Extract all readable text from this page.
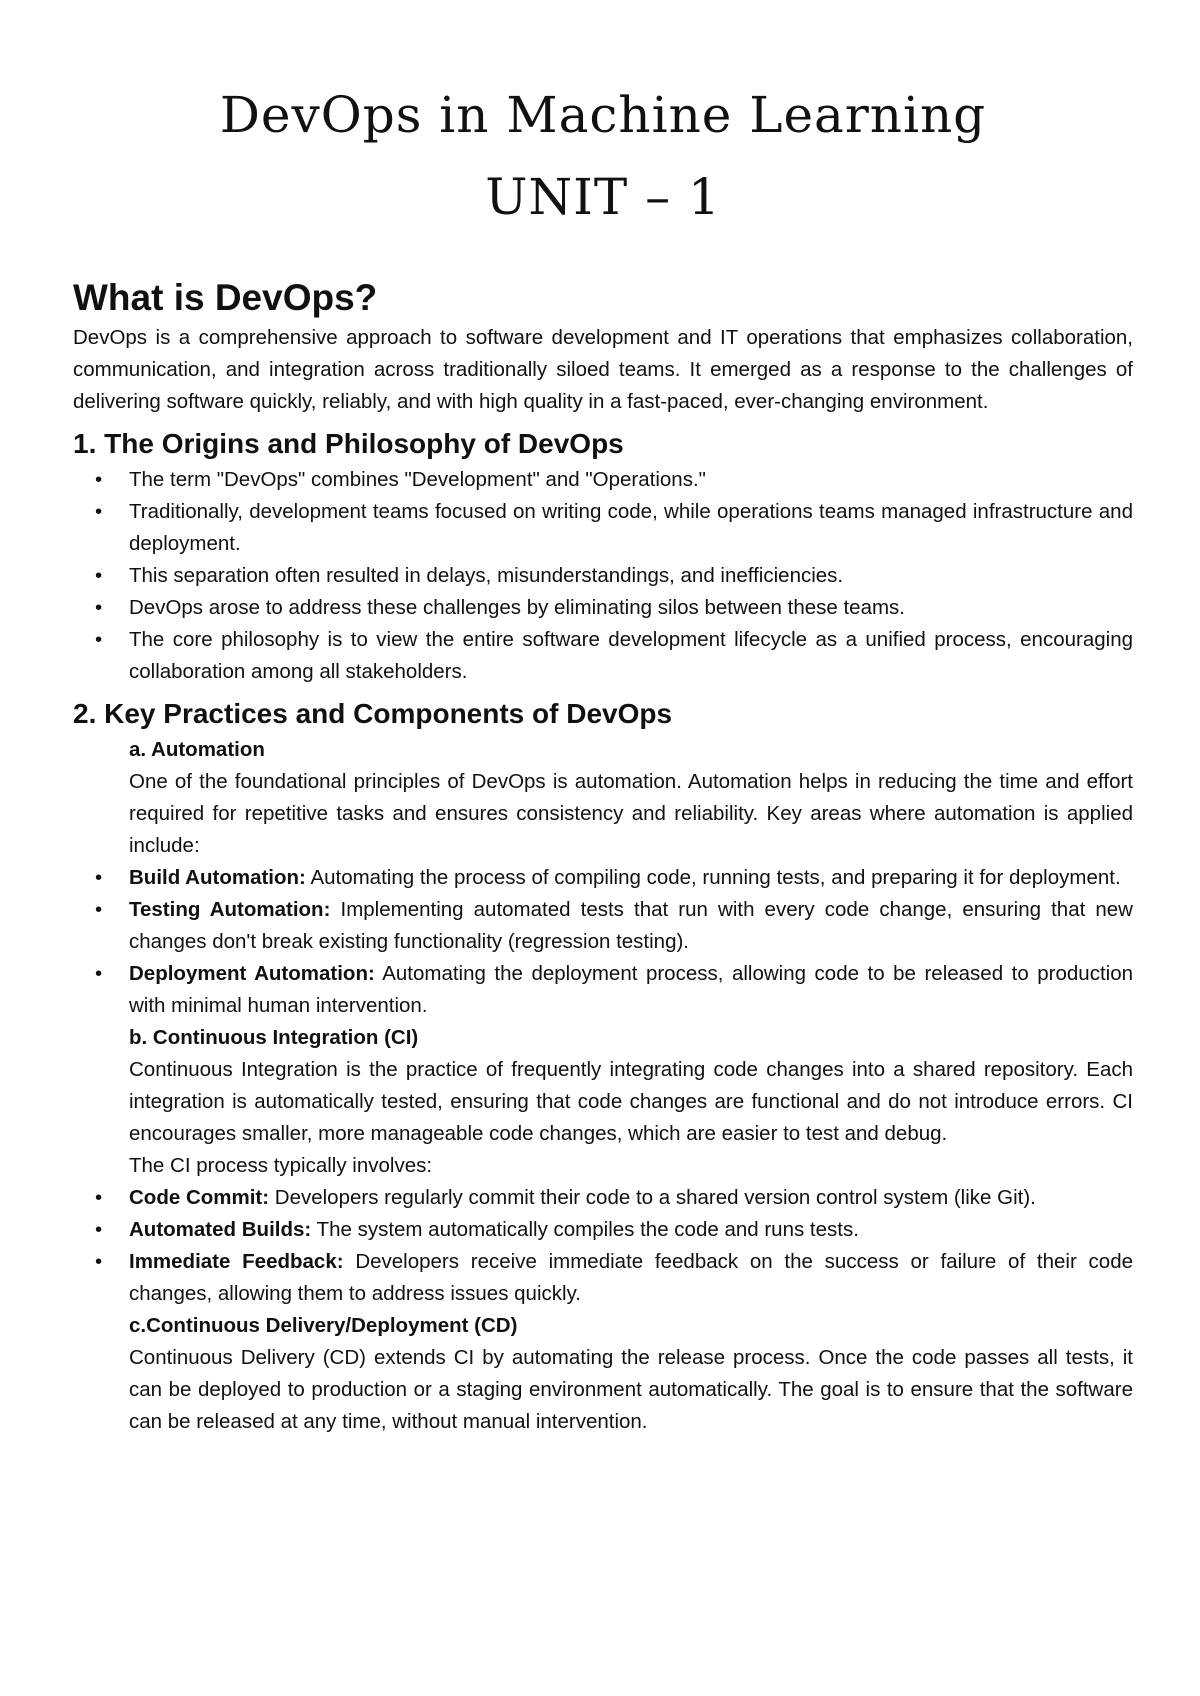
DevOps in Machine Learning
UNIT – 1
What is DevOps?

DevOps is a comprehensive approach to software development and IT operations that emphasizes collaboration, communication, and integration across traditionally siloed teams. It emerged as a response to the challenges of delivering software quickly, reliably, and with high quality in a fast-paced, ever-changing environment.

1. The Origins and Philosophy of DevOps
• The term "DevOps" combines "Development" and "Operations."
• Traditionally, development teams focused on writing code, while operations teams managed infrastructure and deployment.
• This separation often resulted in delays, misunderstandings, and inefficiencies.
• DevOps arose to address these challenges by eliminating silos between these teams.
• The core philosophy is to view the entire software development lifecycle as a unified process, encouraging collaboration among all stakeholders.
2. Key Practices and Components of DevOps

a. Automation

One of the foundational principles of DevOps is automation. Automation helps in reducing the time and effort required for repetitive tasks and ensures consistency and reliability. Key areas where automation is applied include:

• Build Automation: Automating the process of compiling code, running tests, and preparing it for deployment.
• Testing Automation: Implementing automated tests that run with every code change, ensuring that new changes don't break existing functionality (regression testing).
• Deployment Automation: Automating the deployment process, allowing code to be released to production with minimal human intervention.

b. Continuous Integration (CI)

Continuous Integration is the practice of frequently integrating code changes into a shared repository. Each integration is automatically tested, ensuring that code changes are functional and do not introduce errors. CI encourages smaller, more manageable code changes, which are easier to test and debug.

The CI process typically involves:

• Code Commit: Developers regularly commit their code to a shared version control system (like Git).
• Automated Builds: The system automatically compiles the code and runs tests.
• Immediate Feedback: Developers receive immediate feedback on the success or failure of their code changes, allowing them to address issues quickly.

c.Continuous Delivery/Deployment (CD)

Continuous Delivery (CD) extends CI by automating the release process. Once the code passes all tests, it can be deployed to production or a staging environment automatically. The goal is to ensure that the software can be released at any time, without manual intervention.
